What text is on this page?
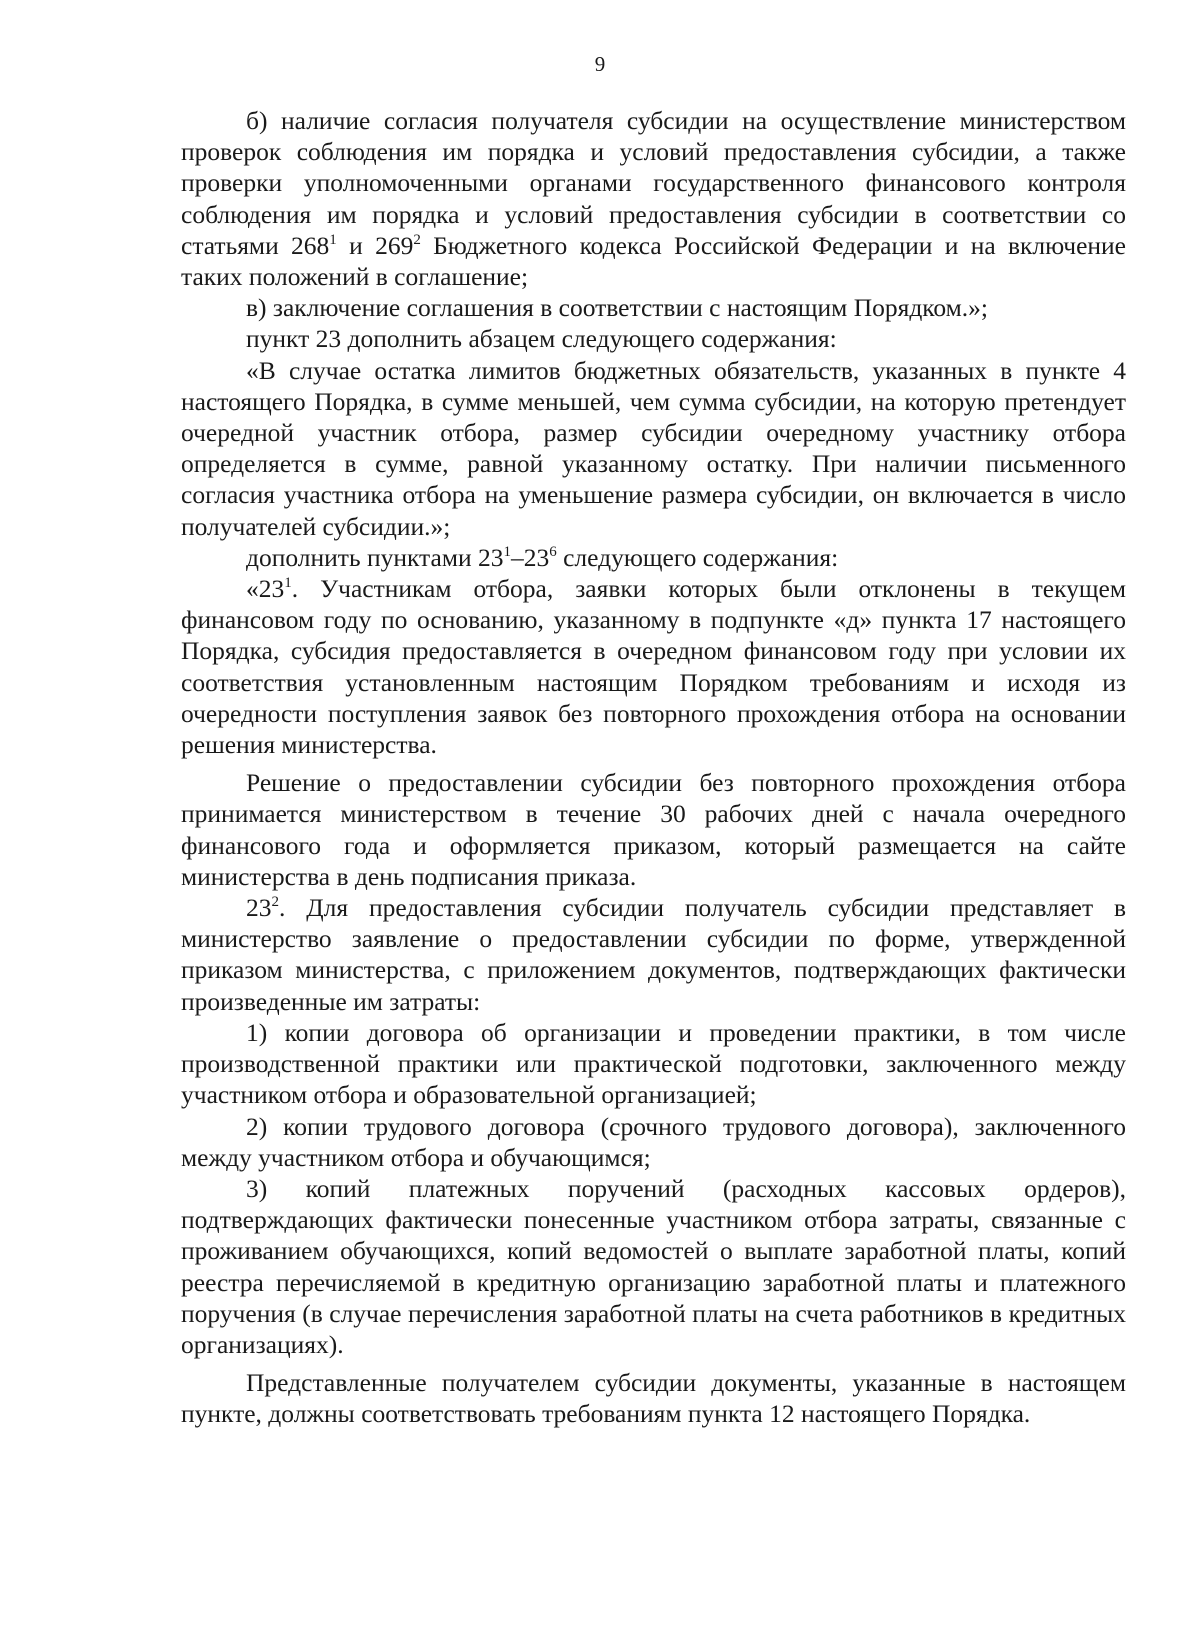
9

б) наличие согласия получателя субсидии на осуществление министерством проверок соблюдения им порядка и условий предоставления субсидии, а также проверки уполномоченными органами государственного финансового контроля соблюдения им порядка и условий предоставления субсидии в соответствии со статьями $268^1$ и $269^2$ Бюджетного кодекса Российской Федерации и на включение таких положений в соглашение;

в) заключение соглашения в соответствии с настоящим Порядком.»;

пункт 23 дополнить абзацем следующего содержания:

«В случае остатка лимитов бюджетных обязательств, указанных в пункте 4 настоящего Порядка, в сумме меньшей, чем сумма субсидии, на которую претендует очередной участник отбора, размер субсидии очередному участнику отбора определяется в сумме, равной указанному остатку. При наличии письменного согласия участника отбора на уменьшение размера субсидии, он включается в число получателей субсидии.»;

дополнить пунктами $23^1-23^6$ следующего содержания:

«$23^1$. Участникам отбора, заявки которых были отклонены в текущем финансовом году по основанию, указанному в подпункте «д» пункта 17 настоящего Порядка, субсидия предоставляется в очередном финансовом году при условии их соответствия установленным настоящим Порядком требованиям и исходя из очередности поступления заявок без повторного прохождения отбора на основании решения министерства.

Решение о предоставлении субсидии без повторного прохождения отбора принимается министерством в течение 30 рабочих дней с начала очередного финансового года и оформляется приказом, который размещается на сайте министерства в день подписания приказа.

$23^2$. Для предоставления субсидии получатель субсидии представляет в министерство заявление о предоставлении субсидии по форме, утвержденной приказом министерства, с приложением документов, подтверждающих фактически произведенные им затраты:

1) копии договора об организации и проведении практики, в том числе производственной практики или практической подготовки, заключенного между участником отбора и образовательной организацией;

2) копии трудового договора (срочного трудового договора), заключенного между участником отбора и обучающимся;

3) копий платежных поручений (расходных кассовых ордеров), подтверждающих фактически понесенные участником отбора затраты, связанные с проживанием обучающихся, копий ведомостей о выплате заработной платы, копий реестра перечисляемой в кредитную организацию заработной платы и платежного поручения (в случае перечисления заработной платы на счета работников в кредитных организациях).

Представленные получателем субсидии документы, указанные в настоящем пункте, должны соответствовать требованиям пункта 12 настоящего Порядка.
